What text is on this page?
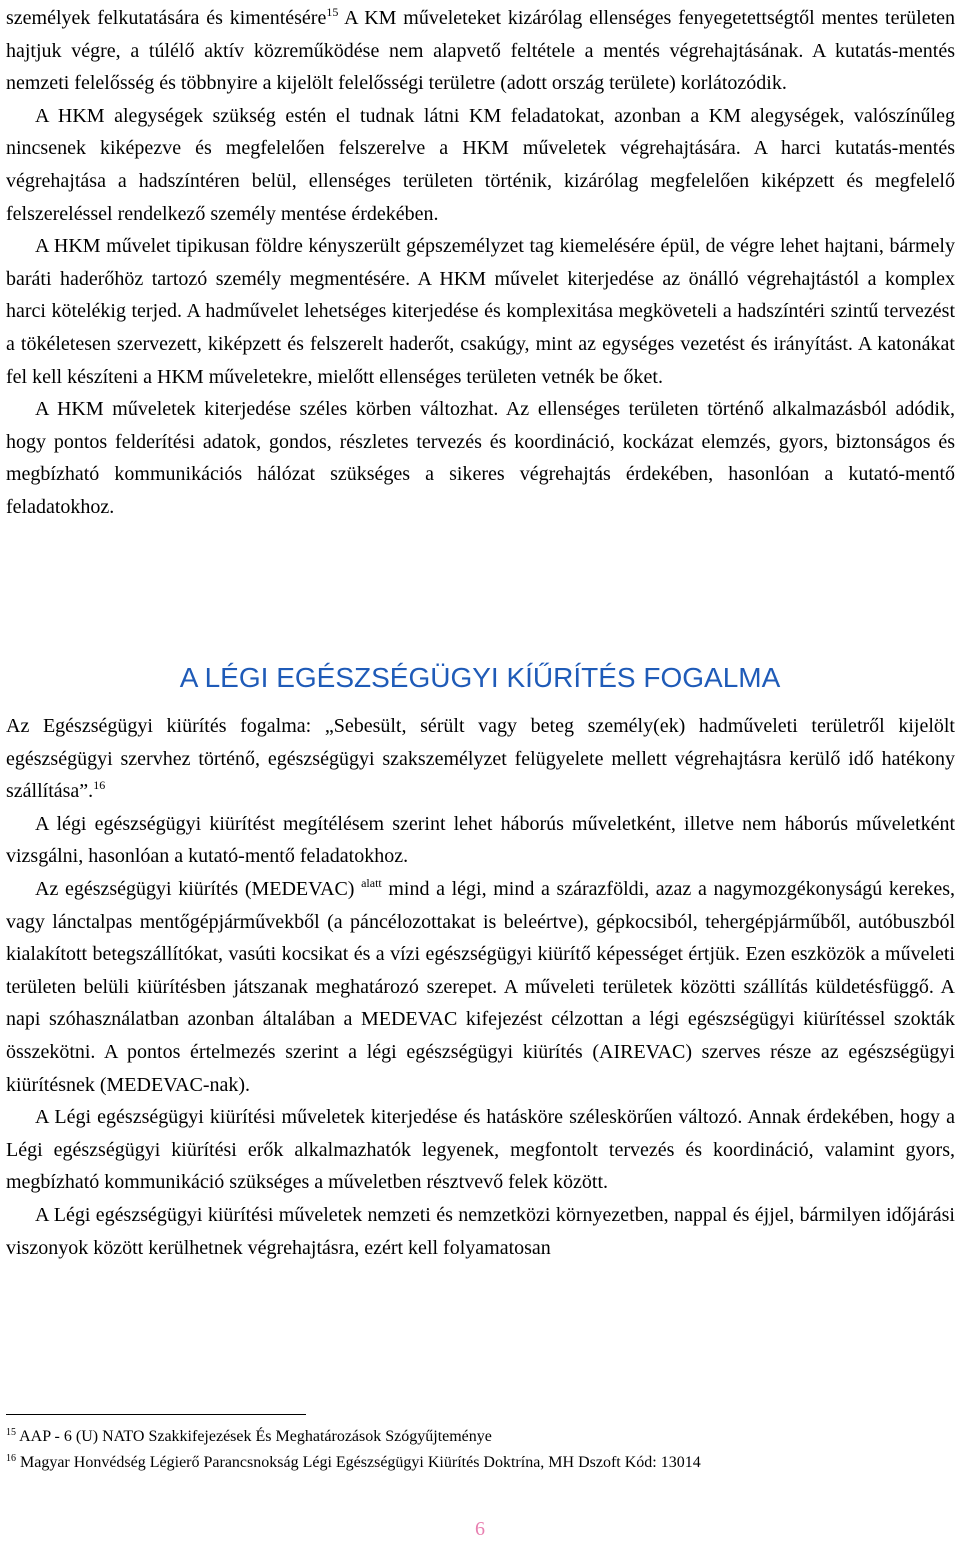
személyek felkutatására és kimentésére$^{15}$ A KM műveleteket kizárólag ellenséges fenyegetettségtől mentes területen hajtjuk végre, a túlélő aktív közreműködése nem alapvető feltétele a mentés végrehajtásának. A kutatás-mentés nemzeti felelősség és többnyire a kijelölt felelősségi területre (adott ország területe) korlátozódik.

A HKM alegységek szükség estén el tudnak látni KM feladatokat, azonban a KM alegységek, valószínűleg nincsenek kiképezve és megfelelően felszerelve a HKM műveletek végrehajtására. A harci kutatás-mentés végrehajtása a hadszíntéren belül, ellenséges területen történik, kizárólag megfelelően kiképzett és megfelelő felszereléssel rendelkező személy mentése érdekében.

A HKM művelet tipikusan földre kényszerült gépszemélyzet tag kiemelésére épül, de végre lehet hajtani, bármely baráti haderőhöz tartozó személy megmentésére. A HKM művelet kiterjedése az önálló végrehajtástól a komplex harci kötelékig terjed. A hadművelet lehetséges kiterjedése és komplexitása megköveteli a hadszíntéri szintű tervezést a tökéletesen szervezett, kiképzett és felszerelt haderőt, csakúgy, mint az egységes vezetést és irányítást. A katonákat fel kell készíteni a HKM műveletekre, mielőtt ellenséges területen vetnék be őket.

A HKM műveletek kiterjedése széles körben változhat. Az ellenséges területen történő alkalmazásból adódik, hogy pontos felderítési adatok, gondos, részletes tervezés és koordináció, kockázat elemzés, gyors, biztonságos és megbízható kommunikációs hálózat szükséges a sikeres végrehajtás érdekében, hasonlóan a kutató-mentő feladatokhoz.

A LÉGI EGÉSZSÉGÜGYI KÍŰRÍTÉS FOGALMA

Az Egészségügyi kiürítés fogalma: „Sebesült, sérült vagy beteg személy(ek) hadműveleti területről kijelölt egészségügyi szervhez történő, egészségügyi szakszemélyzet felügyelete mellett végrehajtásra kerülő idő hatékony szállítása”.$^{16}$

A légi egészségügyi kiürítést megítélésem szerint lehet háborús műveletként, illetve nem háborús műveletként vizsgálni, hasonlóan a kutató-mentő feladatokhoz.

Az egészségügyi kiürítés (MEDEVAC) $^{alatt}$ mind a légi, mind a szárazföldi, azaz a nagymozgékonyságú kerekes, vagy lánctalpas mentőgépjárművekből (a páncélozottakat is beleértve), gépkocsiból, tehergépjárműből, autóbuszból kialakított betegszállítókat, vasúti kocsikat és a vízi egészségügyi kiürítő képességet értjük. Ezen eszközök a műveleti területen belüli kiürítésben játszanak meghatározó szerepet. A műveleti területek közötti szállítás küldetésfüggő. A napi szóhasználatban azonban általában a MEDEVAC kifejezést célzottan a légi egészségügyi kiürítéssel szokták összekötni. A pontos értelmezés szerint a légi egészségügyi kiürítés (AIREVAC) szerves része az egészségügyi kiürítésnek (MEDEVAC-nak).

A Légi egészségügyi kiürítési műveletek kiterjedése és hatásköre széleskörűen változó. Annak érdekében, hogy a Légi egészségügyi kiürítési erők alkalmazhatók legyenek, megfontolt tervezés és koordináció, valamint gyors, megbízható kommunikáció szükséges a műveletben résztvevő felek között.

A Légi egészségügyi kiürítési műveletek nemzeti és nemzetközi környezetben, nappal és éjjel, bármilyen időjárási viszonyok között kerülhetnek végrehajtásra, ezért kell folyamatosan

$^{15}$ AAP - 6 (U) NATO Szakkifejezések És Meghatározások Szógyűjteménye

$^{16}$ Magyar Honvédség Légierő Parancsnokság Légi Egészségügyi Kiürítés Doktrína, MH Dszoft Kód: 13014

6
